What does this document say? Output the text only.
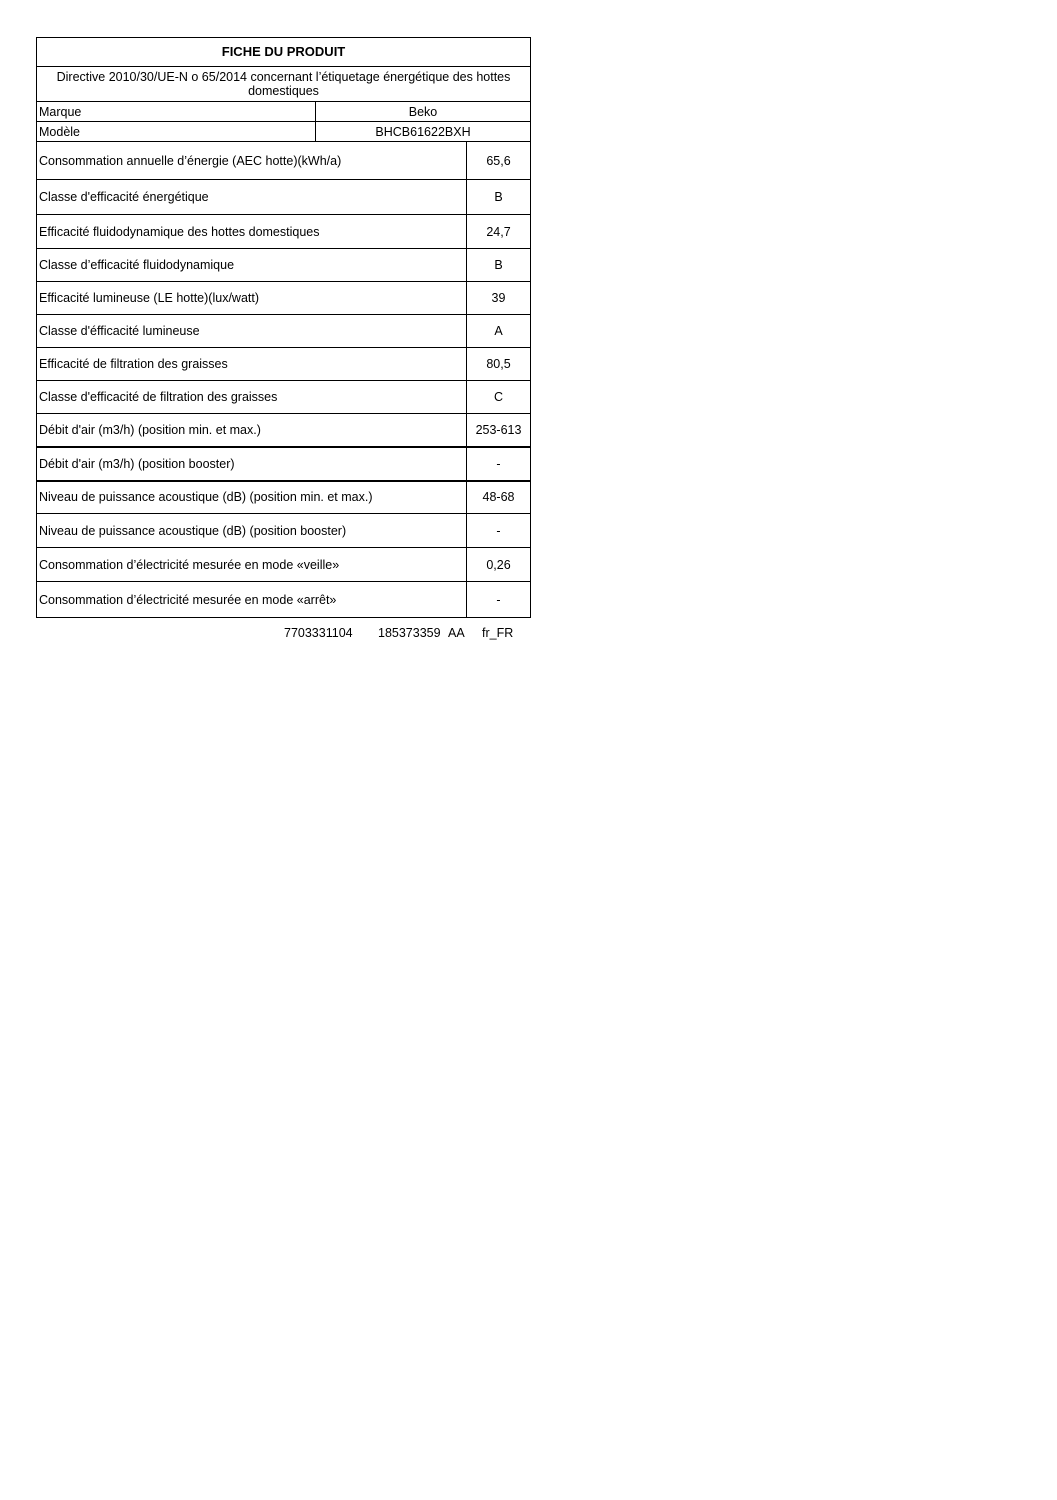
FICHE DU PRODUIT		
Directive 2010/30/UE-N o 65/2014 concernant l’étiquetage énergétique des hottes domestiques		
Marque	Beko	
Modèle	BHCB61622BXH	
Consommation annuelle d’énergie (AEC hotte)(kWh/a)		65,6
Classe d'efficacité énergétique		B
Efficacité fluidodynamique des hottes domestiques		24,7
Classe d’efficacité fluidodynamique		B
Efficacité lumineuse (LE hotte)(lux/watt)		39
Classe d'éfficacité lumineuse		A
Efficacité de filtration des graisses		80,5
Classe d'efficacité de filtration des graisses		C
Débit d'air (m3/h) (position min. et max.)		253-613
Débit d'air (m3/h) (position booster)		-
Niveau de puissance acoustique (dB) (position min. et max.)		48-68
Niveau de puissance acoustique (dB) (position booster)		-
Consommation d’électricité mesurée en mode «veille»		0,26
Consommation d’électricité mesurée en mode «arrêt»		-
7703331104 185373359 AA fr_FR
